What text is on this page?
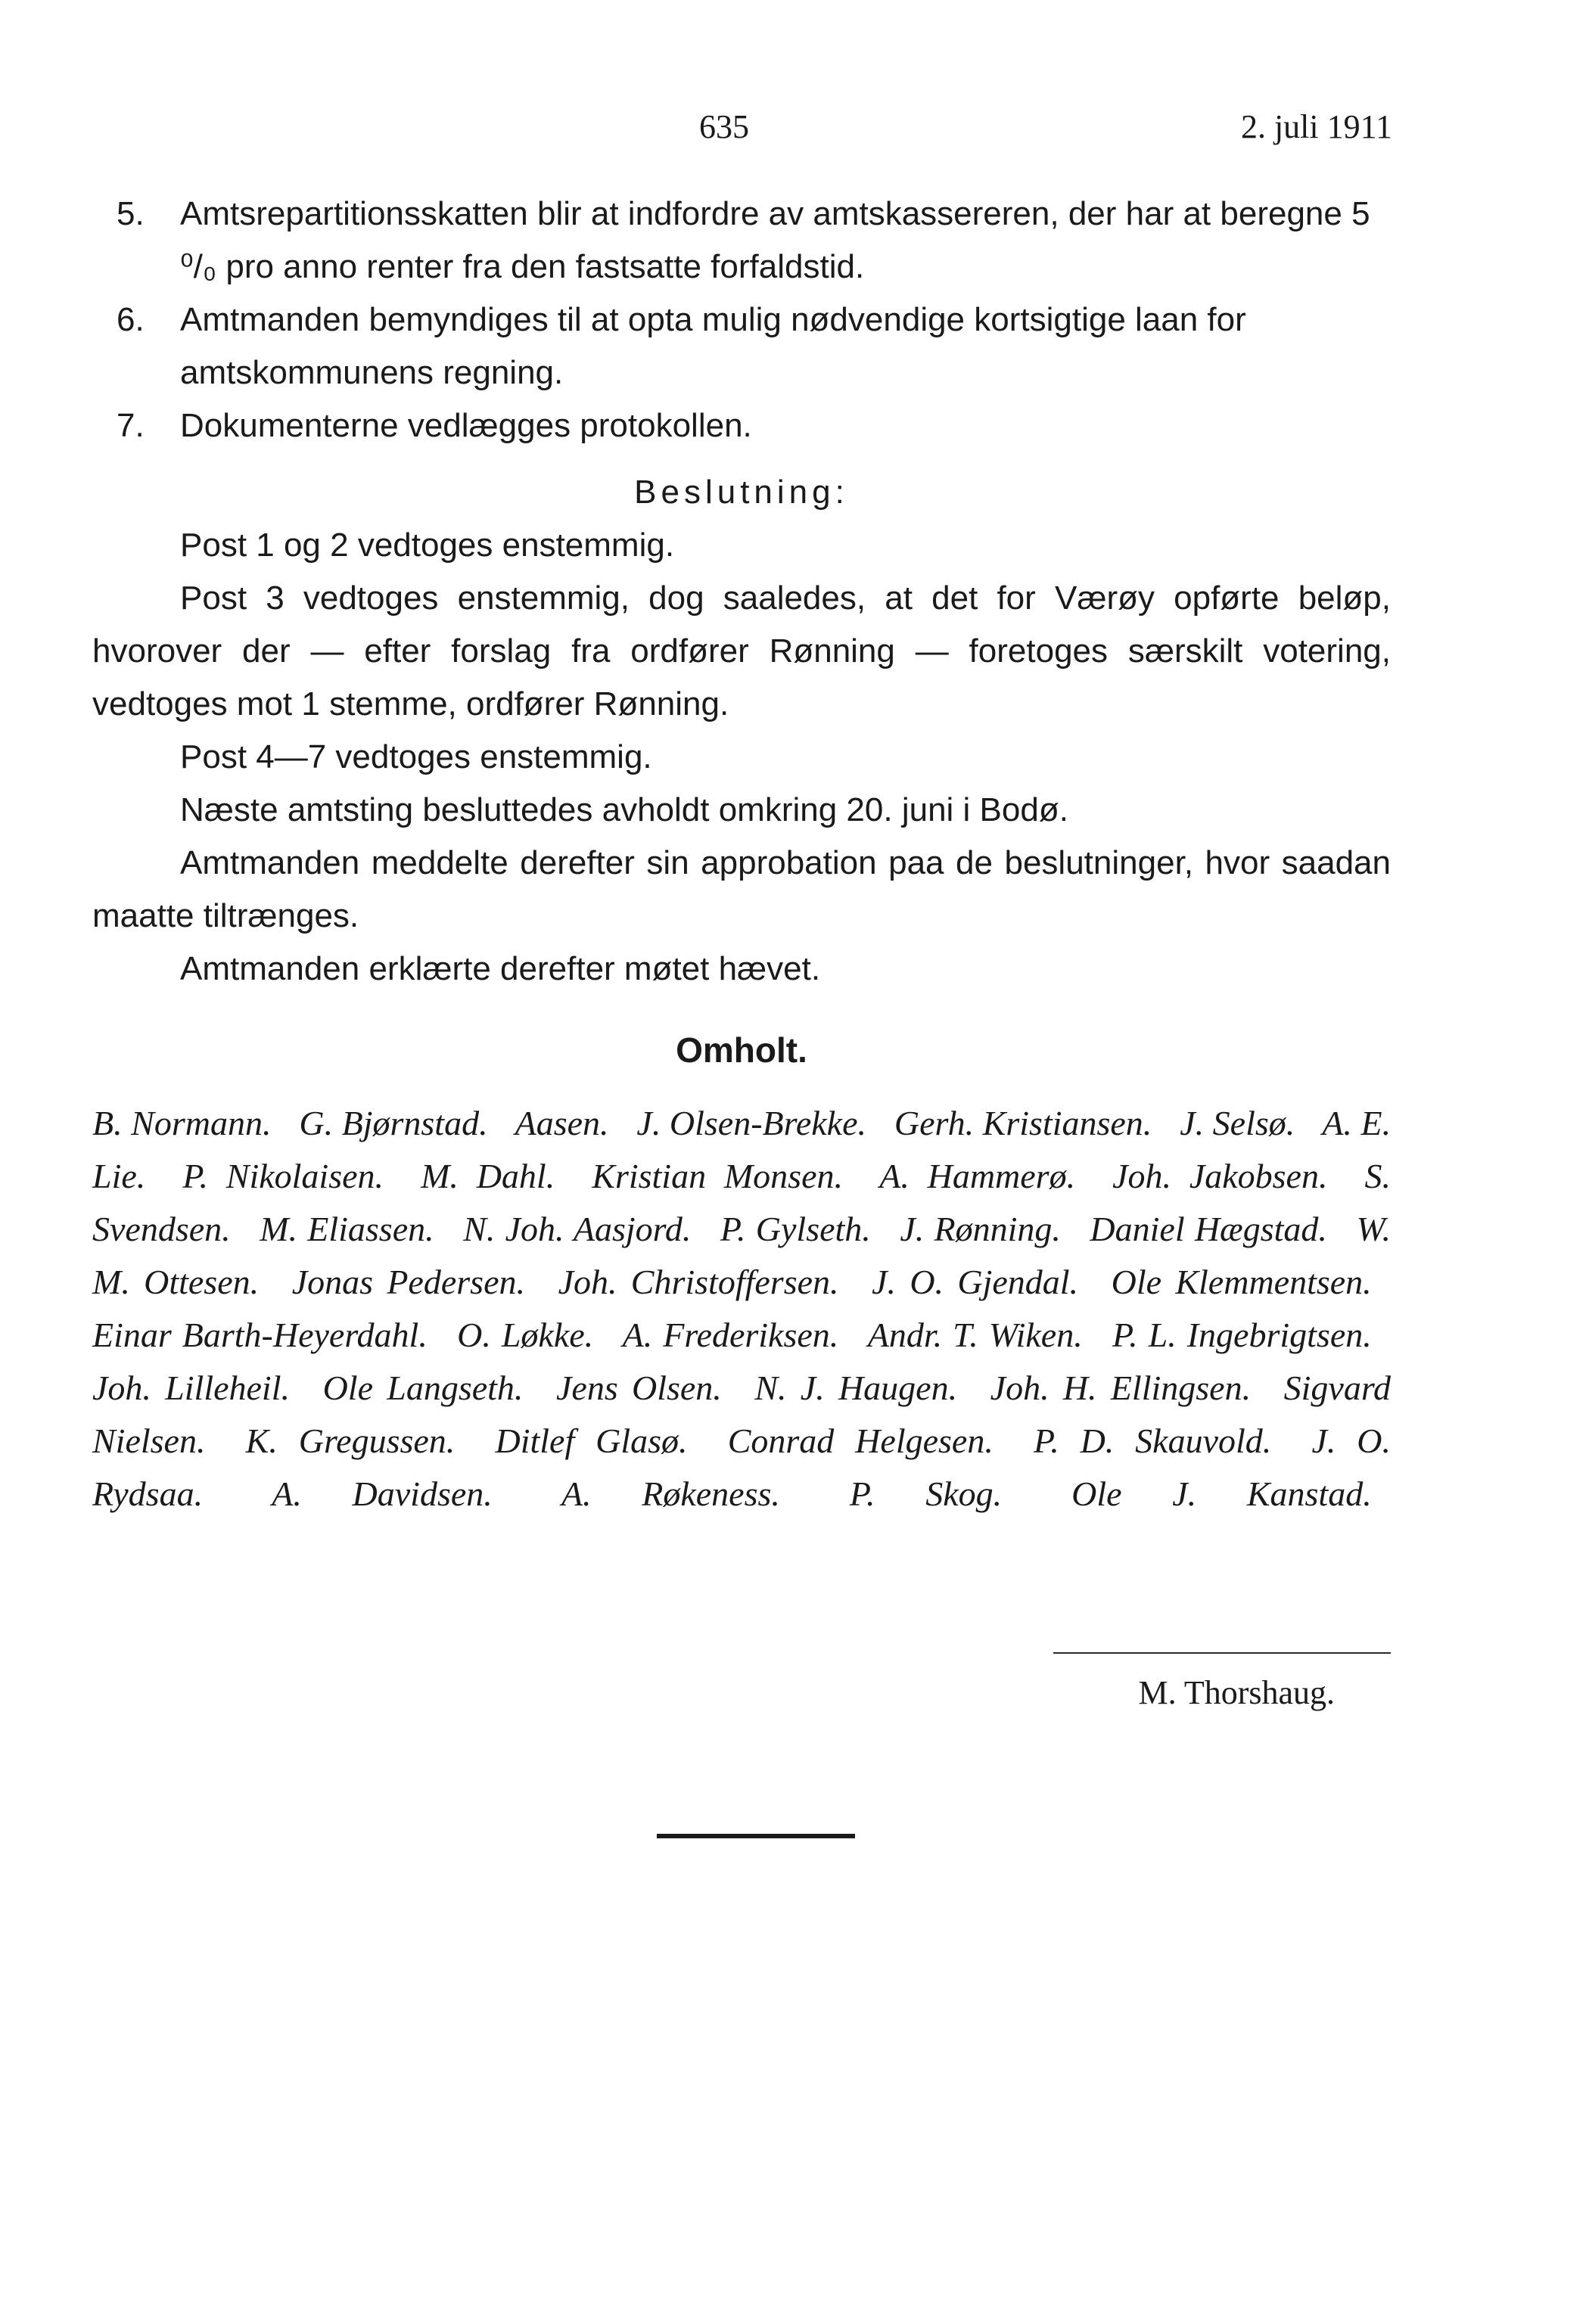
635	2. juli 1911
5. Amtsrepartitionsskatten blir at indfordre av amtskassereren, der har at beregne 5 ⁰/₀ pro anno renter fra den fastsatte forfaldstid.
6. Amtmanden bemyndiges til at opta mulig nødvendige kortsigtige laan for amtskommunens regning.
7. Dokumenterne vedlægges protokollen.
Beslutning:
Post 1 og 2 vedtoges enstemmig.
Post 3 vedtoges enstemmig, dog saaledes, at det for Værøy opførte beløp, hvorover der — efter forslag fra ordfører Rønning — foretoges særskilt votering, vedtoges mot 1 stemme, ordfører Rønning.
Post 4—7 vedtoges enstemmig.
Næste amtsting besluttedes avholdt omkring 20. juni i Bodø.
Amtmanden meddelte derefter sin approbation paa de beslutninger, hvor saadan maatte tiltrænges.
Amtmanden erklærte derefter møtet hævet.
Omholt.
B. Normann. G. Bjørnstad. Aasen. J. Olsen-Brekke. Gerh. Kristiansen. J. Selsø. A. E. Lie. P. Nikolaisen. M. Dahl. Kristian Monsen. A. Hammerø. Joh. Jakobsen. S. Svendsen. M. Eliassen. N. Joh. Aasjord. P. Gylseth. J. Rønning. Daniel Hægstad. W. M. Ottesen. Jonas Pedersen. Joh. Christoffersen. J. O. Gjendal. Ole Klemmentsen. Einar Barth-Heyerdahl. O. Løkke. A. Frederiksen. Andr. T. Wiken. P. L. Ingebrigtsen. Joh. Lilleheil. Ole Langseth. Jens Olsen. N. J. Haugen. Joh. H. Ellingsen. Sigvard Nielsen. K. Gregussen. Ditlef Glasø. Conrad Helgesen. P. D. Skauvold. J. O. Rydsaa. A. Davidsen. A. Røkeness. P. Skog. Ole J. Kanstad.
M. Thorshaug.
